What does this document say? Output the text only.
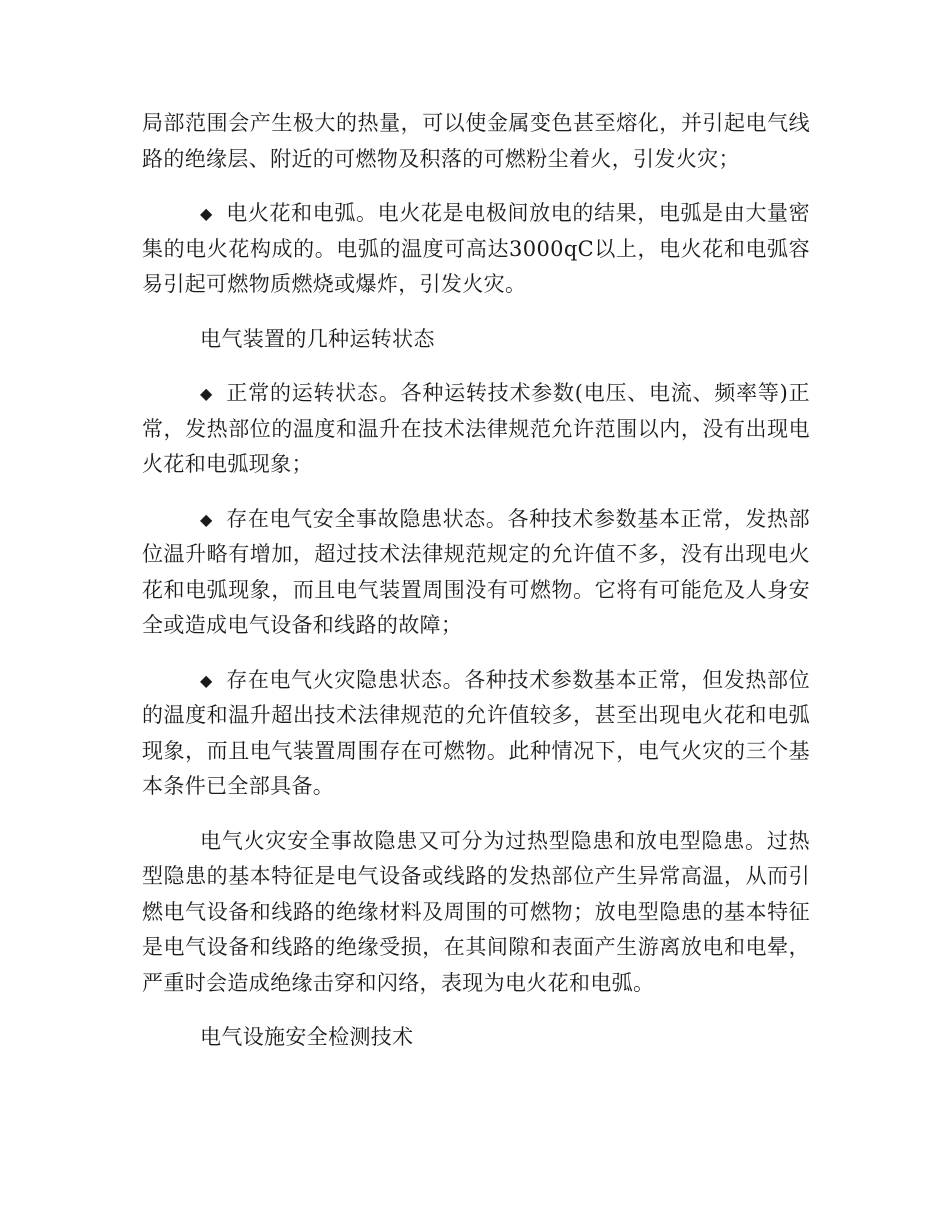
局部范围会产生极大的热量，可以使金属变色甚至熔化，并引起电气线路的绝缘层、附近的可燃物及积落的可燃粉尘着火，引发火灾；

◆ 电火花和电弧。电火花是电极间放电的结果，电弧是由大量密集的电火花构成的。电弧的温度可高达3000qC以上，电火花和电弧容易引起可燃物质燃烧或爆炸，引发火灾。

电气装置的几种运转状态

◆ 正常的运转状态。各种运转技术参数(电压、电流、频率等)正常，发热部位的温度和温升在技术法律规范允许范围以内，没有出现电火花和电弧现象；

◆ 存在电气安全事故隐患状态。各种技术参数基本正常，发热部位温升略有增加，超过技术法律规范规定的允许值不多，没有出现电火花和电弧现象，而且电气装置周围没有可燃物。它将有可能危及人身安全或造成电气设备和线路的故障；

◆ 存在电气火灾隐患状态。各种技术参数基本正常，但发热部位的温度和温升超出技术法律规范的允许值较多，甚至出现电火花和电弧现象，而且电气装置周围存在可燃物。此种情况下，电气火灾的三个基本条件已全部具备。

电气火灾安全事故隐患又可分为过热型隐患和放电型隐患。过热型隐患的基本特征是电气设备或线路的发热部位产生异常高温，从而引燃电气设备和线路的绝缘材料及周围的可燃物；放电型隐患的基本特征是电气设备和线路的绝缘受损，在其间隙和表面产生游离放电和电晕，严重时会造成绝缘击穿和闪络，表现为电火花和电弧。

电气设施安全检测技术
